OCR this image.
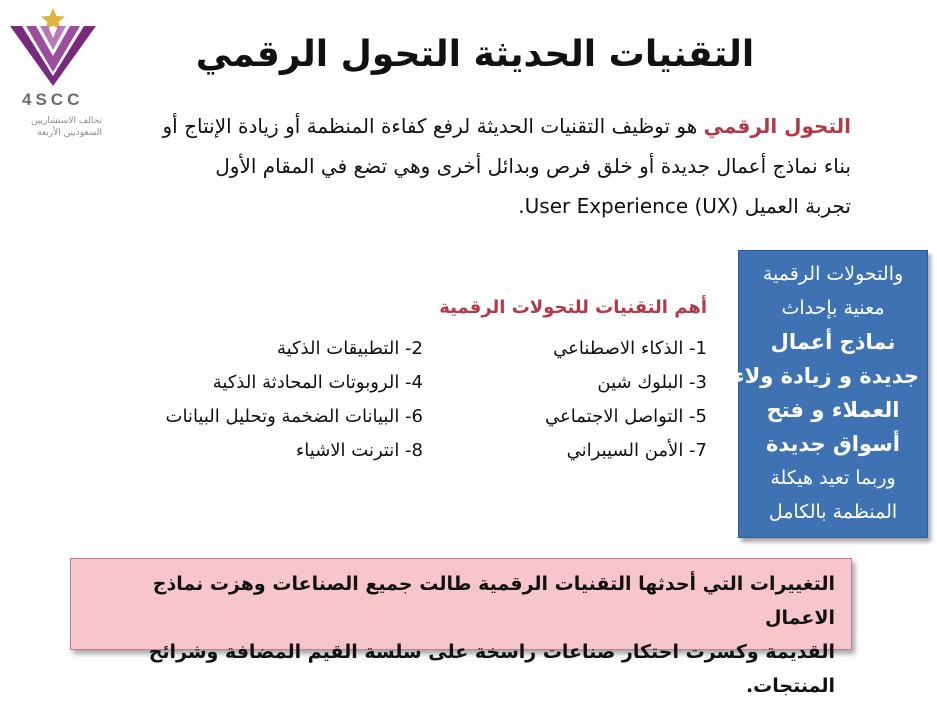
4SCC
تحالف الاستشاريين
السعوديين الأربعة
التقنيات الحديثة التحول الرقمي
التحول الرقمي هو توظيف التقنيات الحديثة لرفع كفاءة المنظمة أو زيادة الإنتاج أو
بناء نماذج أعمال جديدة أو خلق فرص وبدائل أخرى وهي تضع في المقام الأول
تجربة العميل (User Experience (UX.
أهم التقنيات للتحولات الرقمية
1- الذكاء الاصطناعي
2- التطبيقات الذكية
3- البلوك شين
4- الروبوتات المحادثة الذكية
5- التواصل الاجتماعي
6- البيانات الضخمة وتحليل البيانات
7- الأمن السيبراني
8- انترنت الاشياء
والتحولات الرقمية
معنية بإحداث
نماذج أعمال
جديدة و زيادة ولاء
العملاء و فتح
أسواق جديدة
وربما تعيد هيكلة
المنظمة بالكامل
التغييرات التي أحدثها التقنيات الرقمية طالت جميع الصناعات وهزت نماذج الاعمال
القديمة وكسرت احتكار صناعات راسخة على سلسة القيم المضافة وشرائح المنتجات.
